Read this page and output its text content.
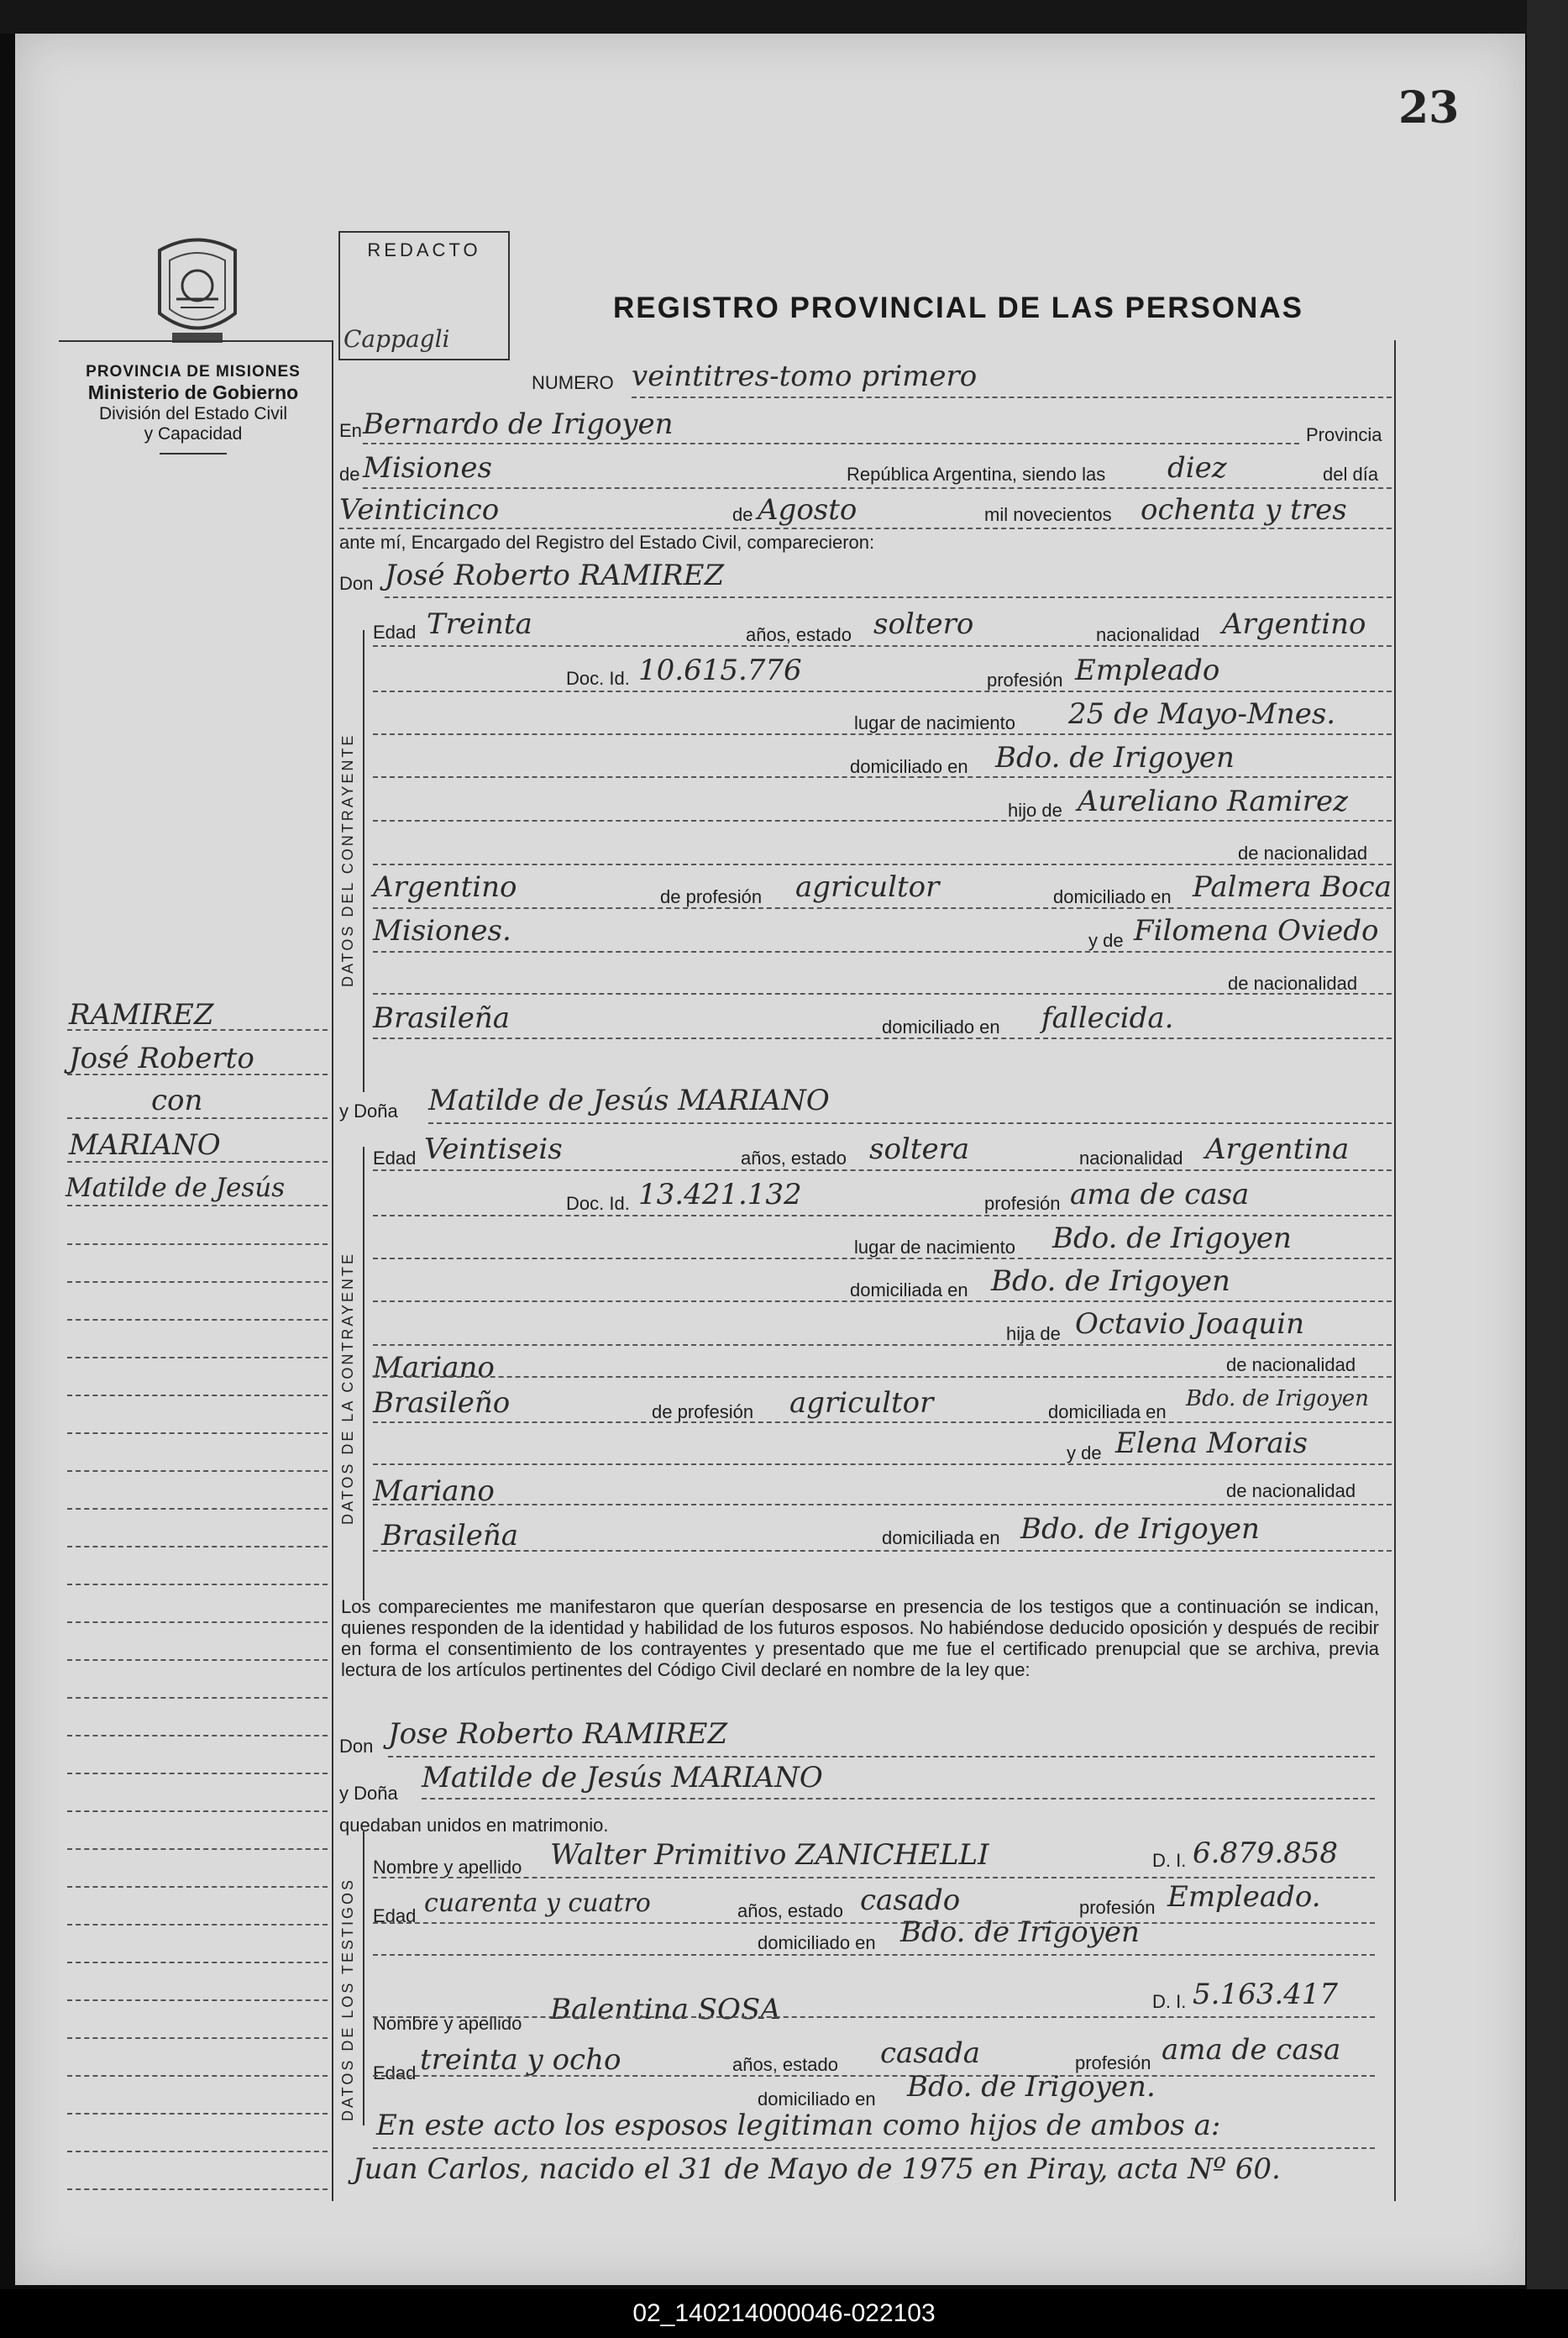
23
REDACTO
Cappagli
REGISTRO PROVINCIAL DE LAS PERSONAS
PROVINCIA DE MISIONES
Ministerio de Gobierno
División del Estado Civil
y Capacidad
NUMERO veintitres-tomo primero
En Bernardo de Irigoyen	Provincia
de Misiones	República Argentina, siendo las diez	del día
Veinticinco	de Agosto	mil novecientos ochenta y tres
ante mí, Encargado del Registro del Estado Civil, comparecieron:
Don José Roberto RAMIREZ
DATOS DEL CONTRAYENTE
Edad Treinta	años, estado soltero	nacionalidad Argentino
Doc. Id. 10.615.776	profesión Empleado
lugar de nacimiento 25 de Mayo-Mnes.
domiciliado en Bdo. de Irigoyen
hijo de Aureliano Ramirez
de nacionalidad
Argentino	de profesión agricultor	domiciliado en Palmera Boca
Misiones.	y de Filomena Oviedo
de nacionalidad
Brasileña	domiciliado en fallecida.
y Doña Matilde de Jesús MARIANO
DATOS DE LA CONTRAYENTE
Edad Veintiseis	años, estado soltera	nacionalidad Argentina
Doc. Id. 13.421.132	profesión ama de casa
lugar de nacimiento Bdo. de Irigoyen
domiciliada en Bdo. de Irigoyen
hija de Octavio Joaquin
Mariano	de nacionalidad
Brasileño	de profesión agricultor	domiciliada en
Bdo. de Irigoyen
y de Elena Morais
Mariano	de nacionalidad
Brasileña	domiciliada en Bdo. de Irigoyen
Los comparecientes me manifestaron que querían desposarse en presencia de los testigos que a continuación se indican, quienes responden de la identidad y habilidad de los futuros esposos. No habiéndose deducido oposición y después de recibir en forma el consentimiento de los contrayentes y presentado que me fue el certificado prenupcial que se archiva, previa lectura de los artículos pertinentes del Código Civil declaré en nombre de la ley que:
Don Jose Roberto RAMIREZ
y Doña Matilde de Jesús MARIANO
quedaban unidos en matrimonio.
DATOS DE LOS TESTIGOS
Nombre y apellido Walter Primitivo ZANICHELLI	D. I. 6.879.858
Edad cuarenta y cuatro	años, estado casado	profesión Empleado.
domiciliado en Bdo. de Irigoyen
Nombre y apellido Balentina SOSA	D. I. 5.163.417
Edad treinta y ocho	años, estado casada	profesión ama de casa
domiciliado en Bdo. de Irigoyen.
En este acto los esposos legitiman como hijos de ambos a:
Juan Carlos, nacido el 31 de Mayo de 1975 en Piray, acta Nº 60.
RAMIREZ
José Roberto
con
MARIANO
Matilde de Jesús
02_140214000046-022103
